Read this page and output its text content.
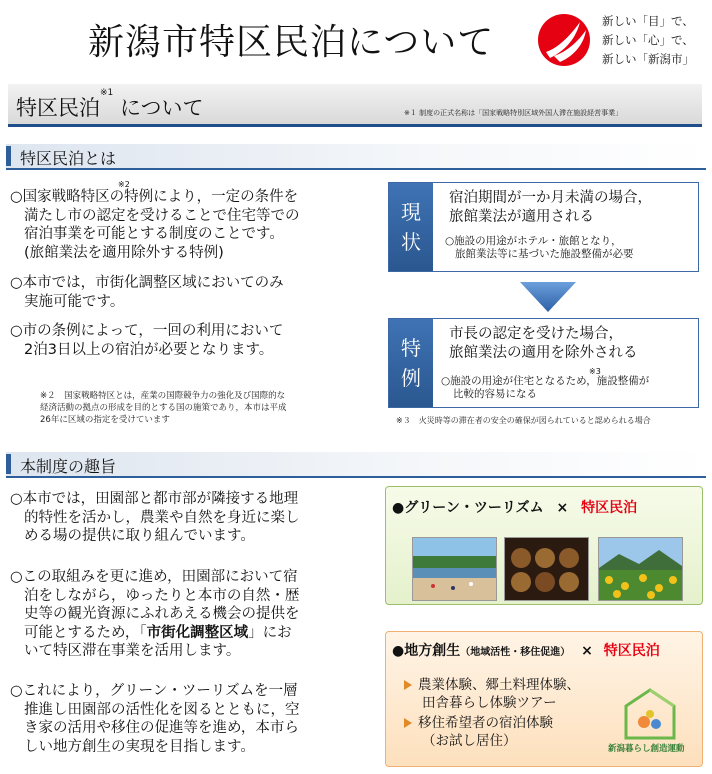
新潟市特区民泊について
新しい「目」で、
新しい「心」で、
新しい「新潟市」
特区民泊$^{※1}$ について	※１ 制度の正式名称は「国家戦略特別区域外国人滞在施設経営事業」
特区民泊とは
○国家戦略特区の特例により，一定の条件を
満たし市の認定を受けることで住宅等での
宿泊事業を可能とする制度のことです。
(旅館業法を適用除外する特例)
※2
○本市では，市街化調整区域においてのみ
実施可能です。
○市の条例によって，一回の利用において
2泊3日以上の宿泊が必要となります。
※２　国家戦略特区とは，産業の国際競争力の強化及び国際的な
経済活動の拠点の形成を目的とする国の施策であり，本市は平成
26年に区域の指定を受けています
現
状
宿泊期間が一か月未満の場合，
旅館業法が適用される
○施設の用途がホテル・旅館となり，
旅館業法等に基づいた施設整備が必要
特
例
市長の認定を受けた場合，
旅館業法の適用を除外される
○施設の用途が住宅となるため，施設整備が
比較的容易になる
※3
※３　火災時等の滞在者の安全の確保が図られていると認められる場合
本制度の趣旨
○本市では，田園部と都市部が隣接する地理
的特性を活かし，農業や自然を身近に楽し
める場の提供に取り組んでいます。
○この取組みを更に進め，田園部において宿
泊をしながら，ゆったりと本市の自然・歴
史等の観光資源にふれあえる機会の提供を
可能とするため，「市街化調整区域」にお
いて特区滞在事業を活用します。
○これにより，グリーン・ツーリズムを一層
推進し田園部の活性化を図るとともに，空
き家の活用や移住の促進等を進め，本市ら
しい地方創生の実現を目指します。
●グリーン・ツーリズム × 特区民泊
●地方創生（地域活性・移住促進） × 特区民泊
農業体験、郷土料理体験、
田舎暮らし体験ツアー
移住希望者の宿泊体験
（お試し居住）	新潟暮らし創造運動
